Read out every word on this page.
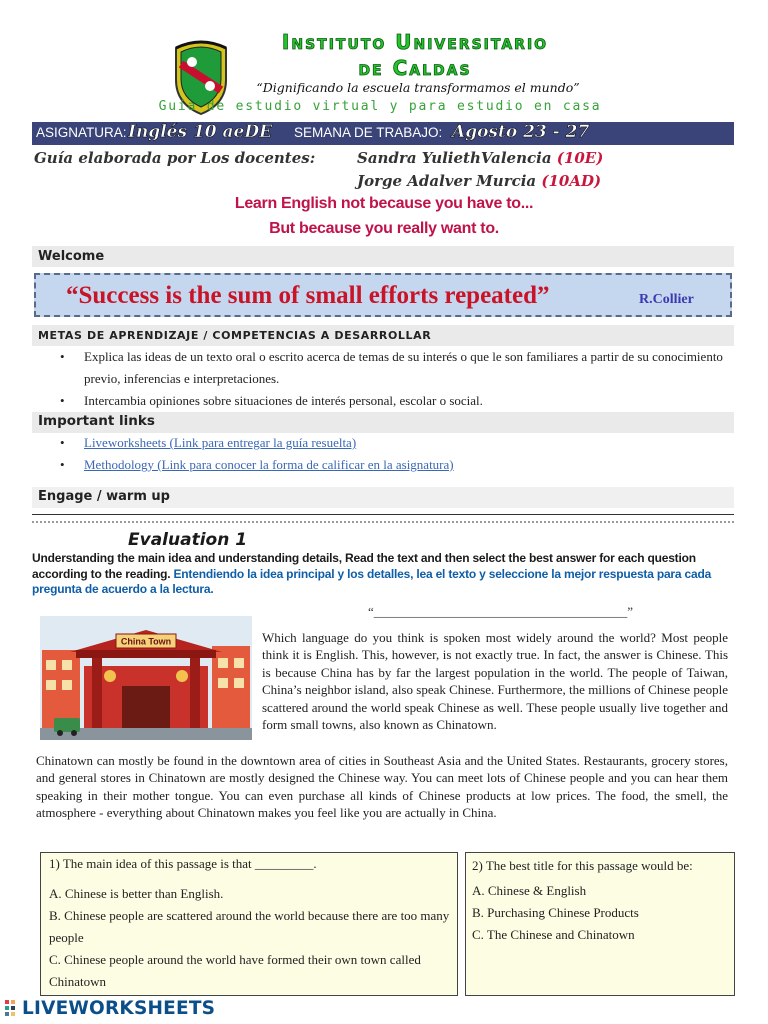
Instituto Universitario
de Caldas
“Dignificando la escuela transformamos el mundo”
Guía de estudio virtual y para estudio en casa
ASIGNATURA: Inglés 10 aeDE SEMANA DE TRABAJO: Agosto 23 - 27
Guía elaborada por Los docentes:	Sandra YuliethValencia (10E)
Jorge Adalver Murcia (10AD)
Learn English not because you have to...
But because you really want to.
Welcome
“Success is the sum of small efforts repeated”	R.Collier
METAS DE APRENDIZAJE / COMPETENCIAS A DESARROLLAR
• Explica las ideas de un texto oral o escrito acerca de temas de su interés o que le son familiares a partir de su conocimiento previo, inferencias e interpretaciones.
• Intercambia opiniones sobre situaciones de interés personal, escolar o social.
Important links
• Liveworksheets (Link para entregar la guía resuelta)
• Methodology (Link para conocer la forma de calificar en la asignatura)
Engage / warm up
Evaluation 1
Understanding the main idea and understanding details, Read the text and then select the best answer for each question according to the reading. Entendiendo la idea principal y los detalles, lea el texto y seleccione la mejor respuesta para cada pregunta de acuerdo a la lectura.
“_______________________________________”
China Town	Which language do you think is spoken most widely around the world? Most people think it is English. This, however, is not exactly true. In fact, the answer is Chinese. This is because China has by far the largest population in the world. The people of Taiwan, China’s neighbor island, also speak Chinese. Furthermore, the millions of Chinese people scattered around the world speak Chinese as well. These people usually live together and form small towns, also known as Chinatown.

Chinatown can mostly be found in the downtown area of cities in Southeast Asia and the United States. Restaurants, grocery stores, and general stores in Chinatown are mostly designed the Chinese way. You can meet lots of Chinese people and you can hear them speaking in their mother tongue. You can even purchase all kinds of Chinese products at low prices. The food, the smell, the atmosphere - everything about Chinatown makes you feel like you are actually in China.

1) The main idea of this passage is that _________.

A. Chinese is better than English.

B. Chinese people are scattered around the world because there are too many people

C. Chinese people around the world have formed their own town called Chinatown

2) The best title for this passage would be:

A. Chinese & English

B. Purchasing Chinese Products

C. The Chinese and Chinatown

LIVEWORKSHEETS
